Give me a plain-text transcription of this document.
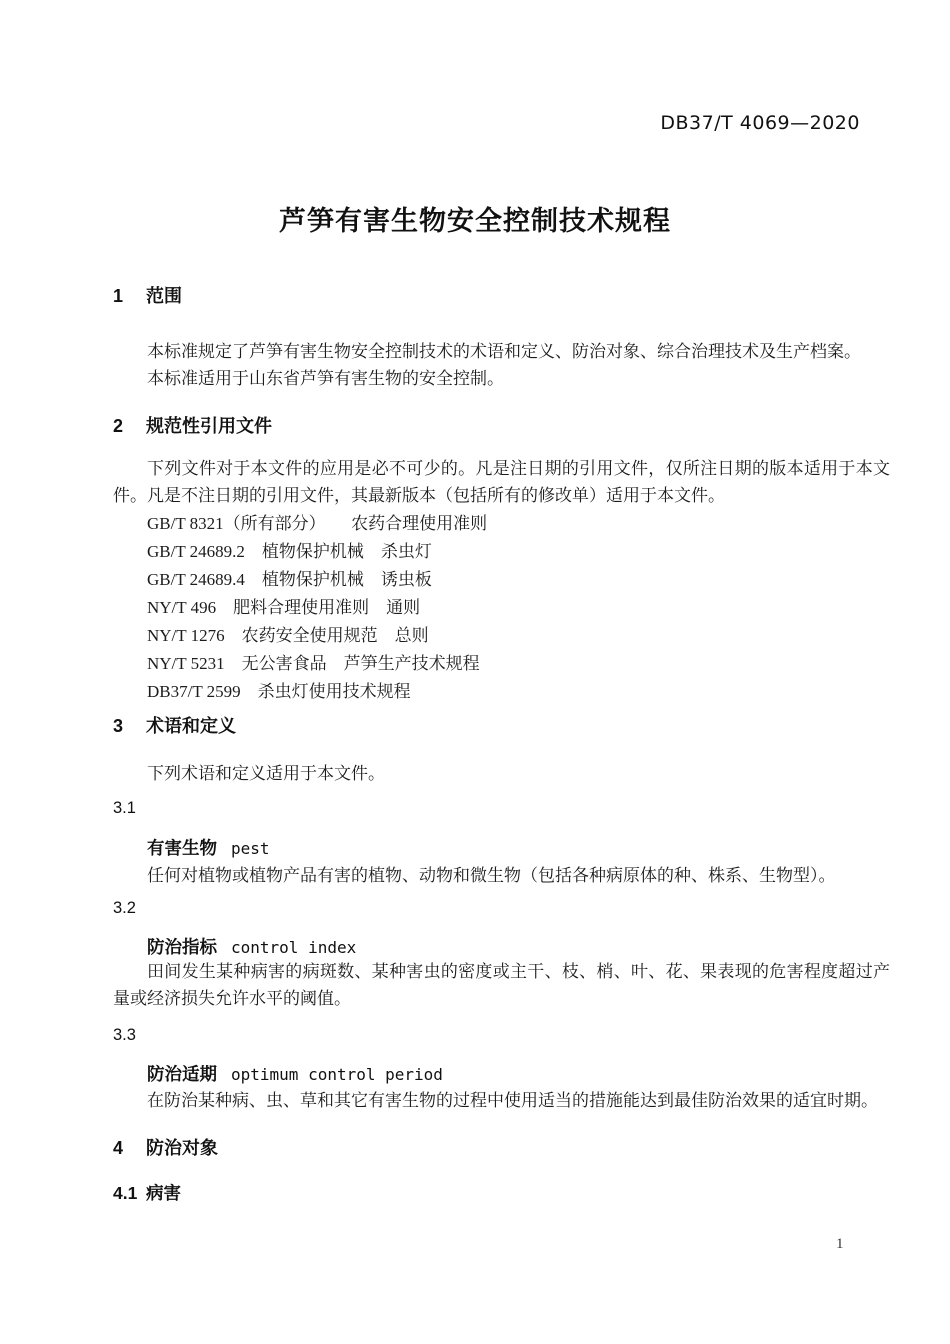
DB37/T 4069—2020
芦笋有害生物安全控制技术规程
1 范围

本标准规定了芦笋有害生物安全控制技术的术语和定义、防治对象、综合治理技术及生产档案。

本标准适用于山东省芦笋有害生物的安全控制。

2 规范性引用文件

下列文件对于本文件的应用是必不可少的。凡是注日期的引用文件，仅所注日期的版本适用于本文件。凡是不注日期的引用文件，其最新版本（包括所有的修改单）适用于本文件。

GB/T 8321（所有部分）　　农药合理使用准则
GB/T 24689.2　植物保护机械　杀虫灯
GB/T 24689.4　植物保护机械　诱虫板
NY/T 496　肥料合理使用准则　通则
NY/T 1276　农药安全使用规范　总则
NY/T 5231　无公害食品　芦笋生产技术规程
DB37/T 2599　杀虫灯使用技术规程
3 术语和定义

下列术语和定义适用于本文件。

3.1
有害生物 pest

任何对植物或植物产品有害的植物、动物和微生物（包括各种病原体的种、株系、生物型）。

3.2
防治指标 control index

田间发生某种病害的病斑数、某种害虫的密度或主干、枝、梢、叶、花、果表现的危害程度超过产量或经济损失允许水平的阈值。

3.3
防治适期 optimum control period

在防治某种病、虫、草和其它有害生物的过程中使用适当的措施能达到最佳防治效果的适宜时期。

4 防治对象
4.1 病害
1
